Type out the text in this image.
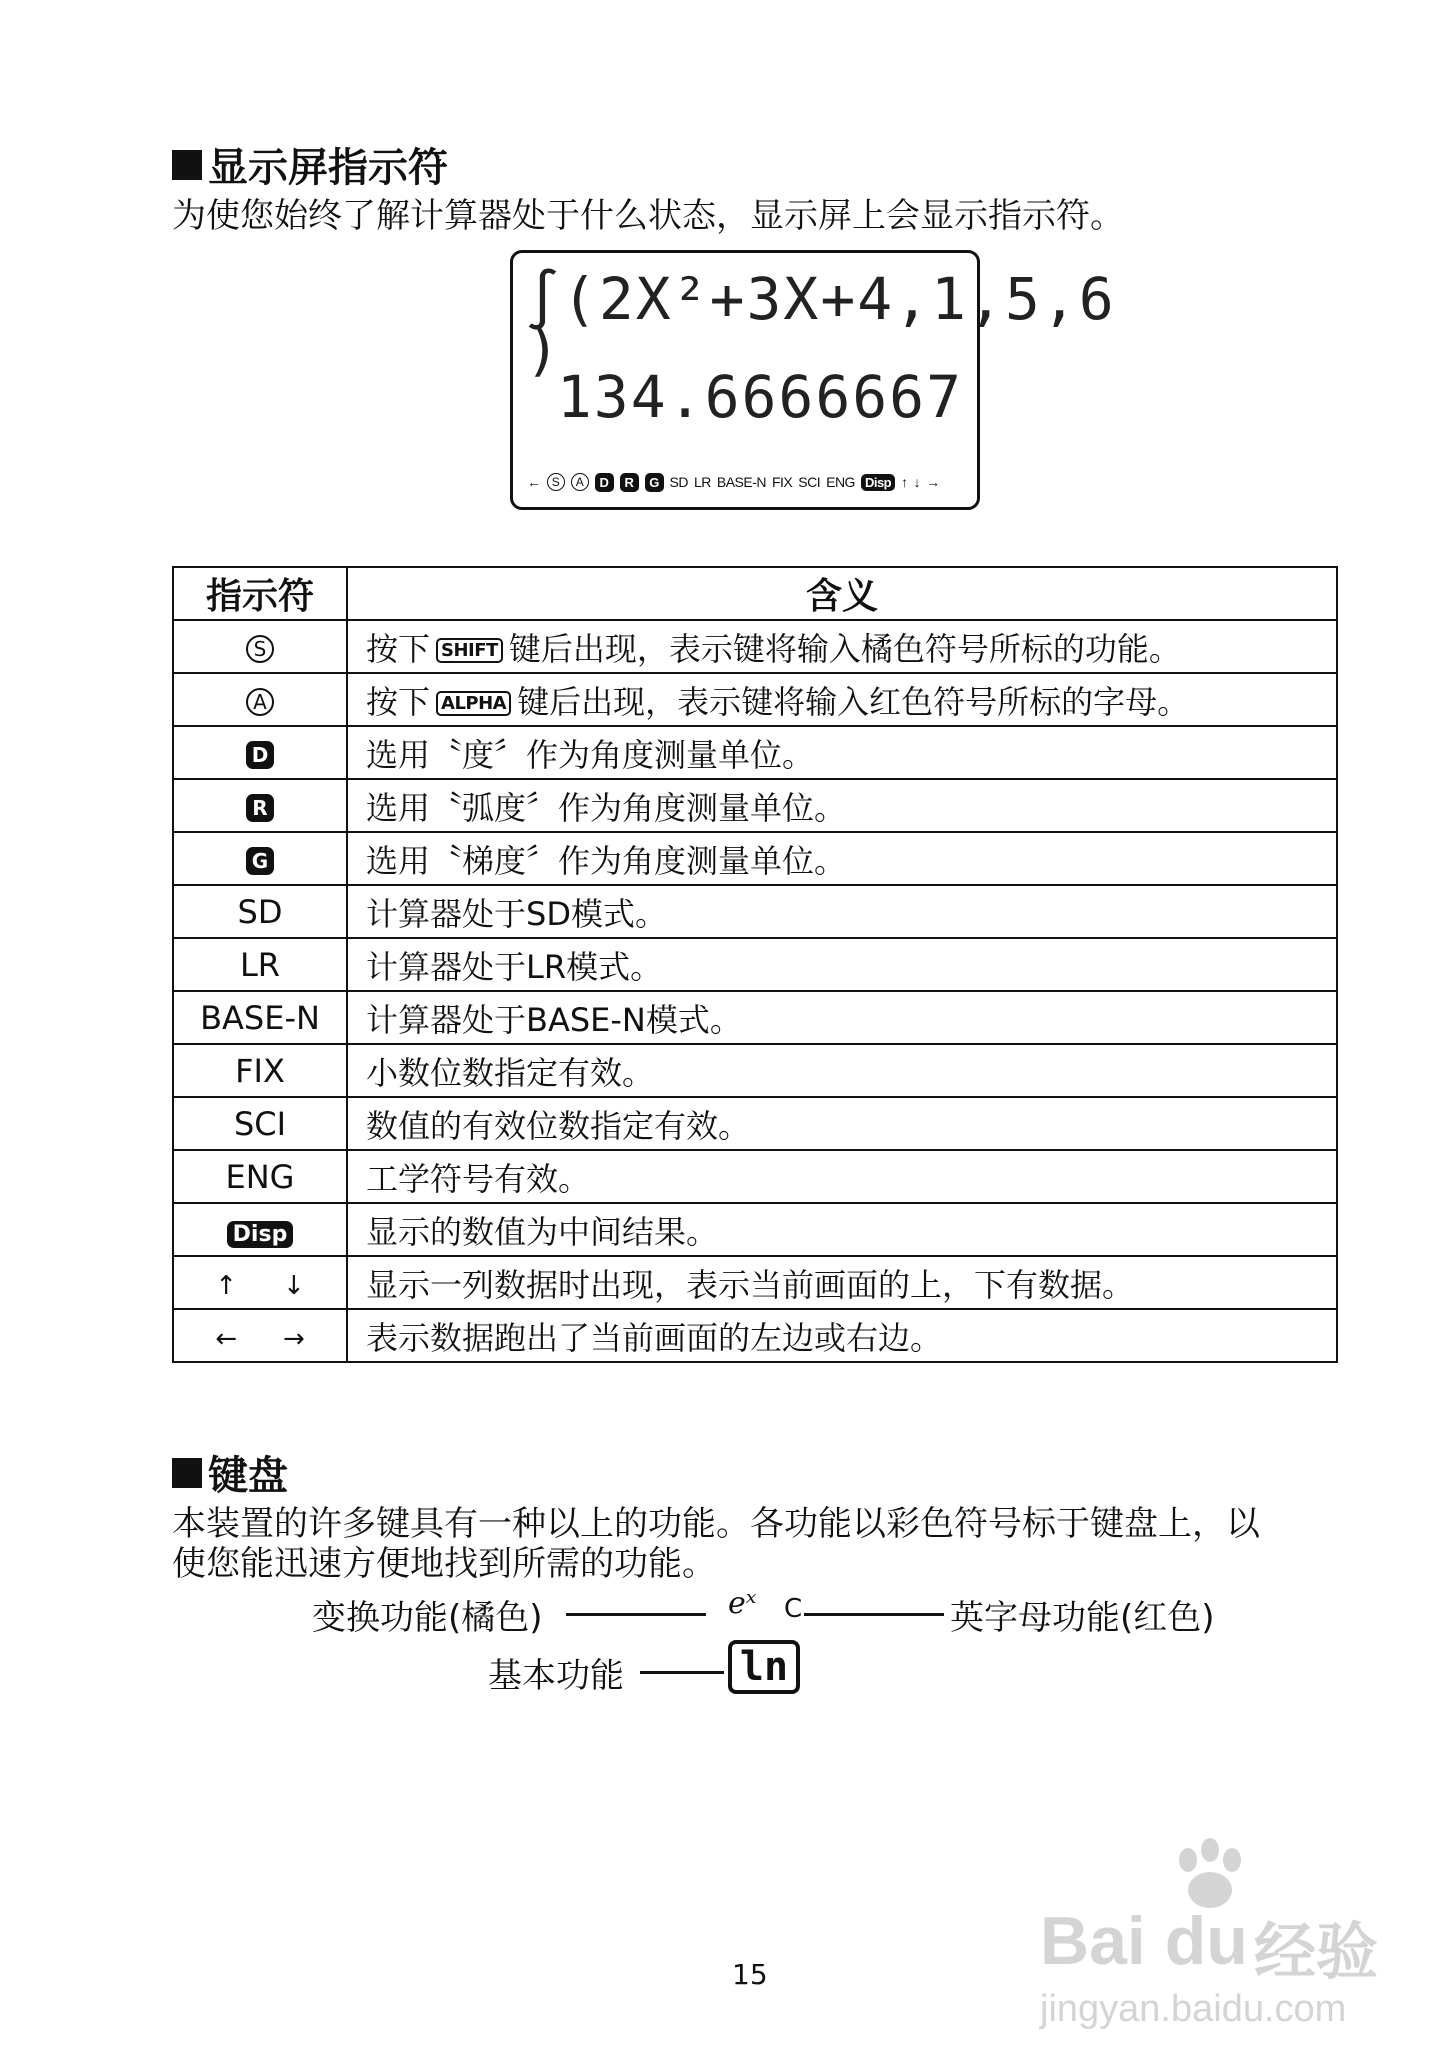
显示屏指示符
为使您始终了解计算器处于什么状态，显示屏上会显示指示符。
∫(2X²+3X+4,1,5,6
)
134.6666667
← S	A	D	R	G SD LR BASE-N FIX SCI ENG Disp ↑ ↓ →
指示符	含义
S	按下 SHIFT 键后出现，表示键将输入橘色符号所标的功能。
A	按下 ALPHA 键后出现，表示键将输入红色符号所标的字母。
D	选用〝度〞作为角度测量单位。
R	选用〝弧度〞作为角度测量单位。
G	选用〝梯度〞作为角度测量单位。
SD	计算器处于SD模式。
LR	计算器处于LR模式。
BASE-N	计算器处于BASE-N模式。
FIX	小数位数指定有效。
SCI	数值的有效位数指定有效。
ENG	工学符号有效。
Disp	显示的数值为中间结果。

↑ ↓	显示一列数据时出现，表示当前画面的上，下有数据。

← →	表示数据跑出了当前画面的左边或右边。
键盘
本装置的许多键具有一种以上的功能。各功能以彩色符号标于键盘上，以
使您能迅速方便地找到所需的功能。
变换功能(橘色)	eˣ C	英字母功能(红色)
基本功能	ln
15	Bai du 经验
jingyan.baidu.com
